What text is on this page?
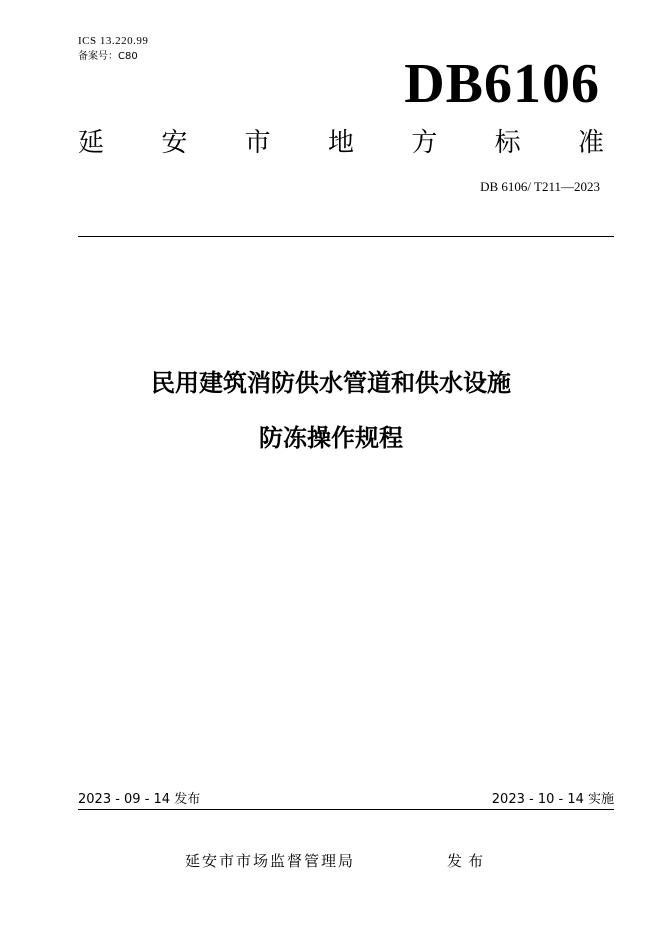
ICS 13.220.99
备案号：C80	DB6106
延 安 市 地 方 标 准
DB 6106/ T211—2023
民用建筑消防供水管道和供水设施
防冻操作规程
2023 - 09 - 14 发布	2023 - 10 - 14 实施
延安市市场监督管理局	发布
